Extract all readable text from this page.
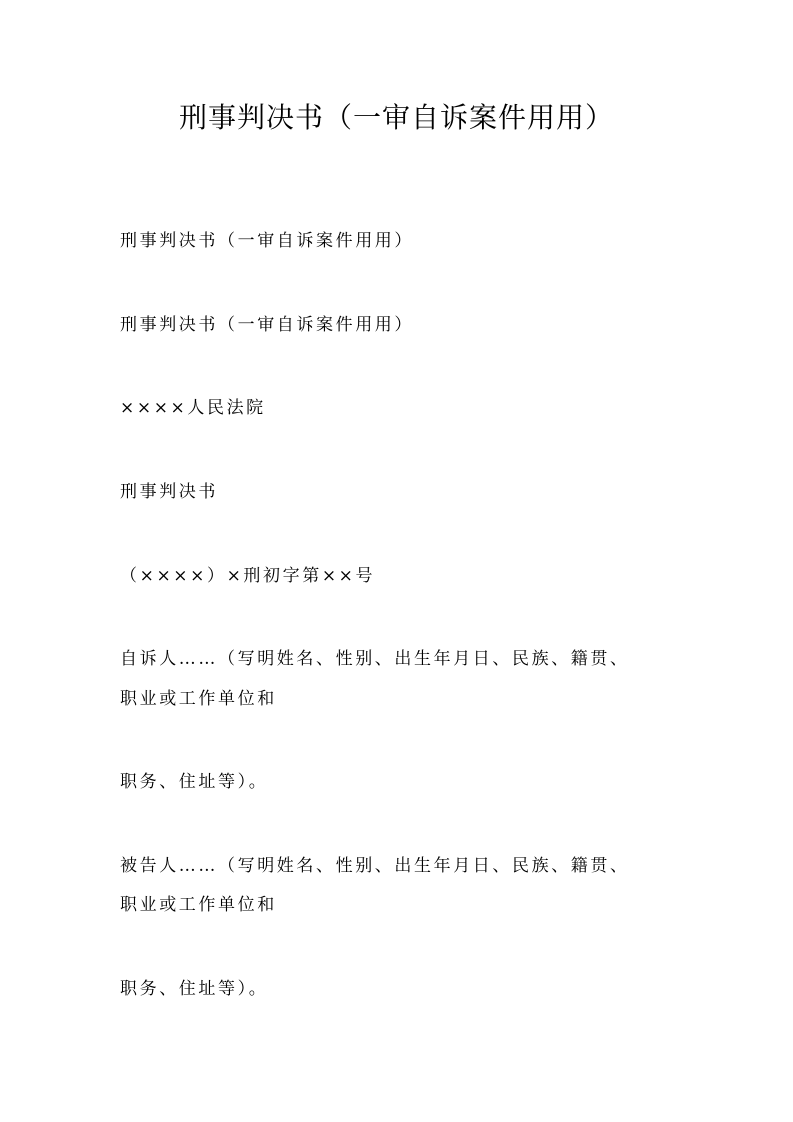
刑事判决书（一审自诉案件用用）

刑事判决书（一审自诉案件用用）

刑事判决书（一审自诉案件用用）

××××人民法院

刑事判决书

（××××）×刑初字第××号

自诉人……（写明姓名、性别、出生年月日、民族、籍贯、

职业或工作单位和

职务、住址等）。

被告人……（写明姓名、性别、出生年月日、民族、籍贯、

职业或工作单位和

职务、住址等）。
